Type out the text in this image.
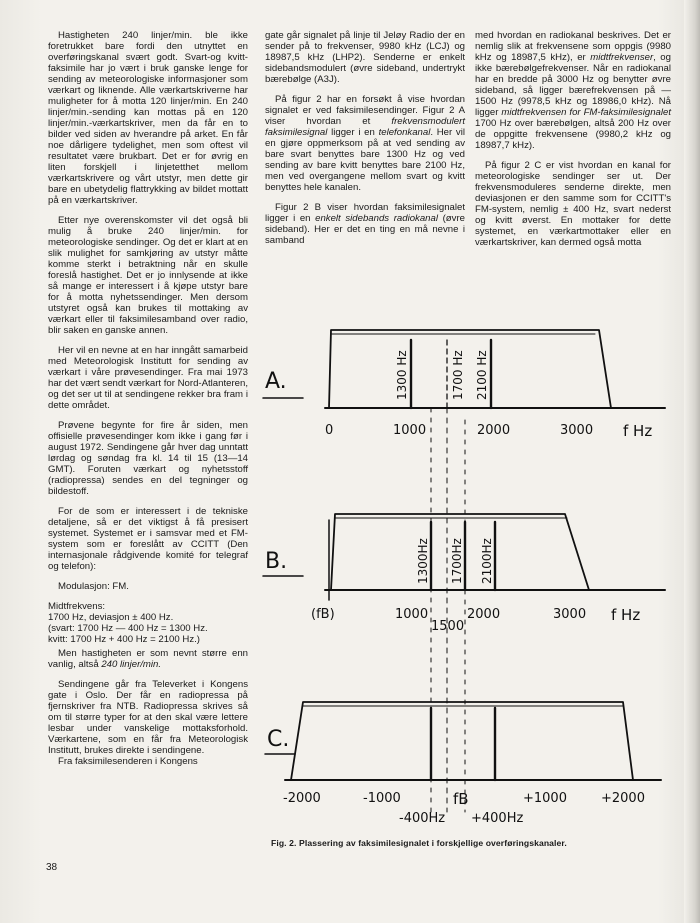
Hastigheten 240 linjer/min. ble ikke foretrukket bare fordi den utnyttet en overføringskanal svært godt. Svart-og kvitt-faksimile har jo vært i bruk ganske lenge for sending av meteorologiske informasjoner som værkart og liknende. Alle værkartskriverne har muligheter for å motta 120 linjer/min. En 240 linjer/min.-sending kan mottas på en 120 linjer/min.-værkartskriver, men da får en to bilder ved siden av hverandre på arket. En får noe dårligere tydelighet, men som oftest vil resultatet være brukbart. Det er for øvrig en liten forskjell i linjetetthet mellom værkartskrivere og vårt utstyr, men dette gir bare en ubetydelig flattrykking av bildet mottatt på en værkartskriver.

Etter nye overenskomster vil det også bli mulig å bruke 240 linjer/min. for meteorologiske sendinger. Og det er klart at en slik mulighet for samkjøring av utstyr måtte komme sterkt i betraktning når en skulle foreslå hastighet. Det er jo innlysende at ikke så mange er interessert i å kjøpe utstyr bare for å motta nyhetssendinger. Men dersom utstyret også kan brukes til mottaking av værkart eller til faksimilesamband over radio, blir saken en ganske annen.

Her vil en nevne at en har inngått samarbeid med Meteorologisk Institutt for sending av værkart i våre prøvesendinger. Fra mai 1973 har det vært sendt værkart for Nord-Atlanteren, og det ser ut til at sendingene rekker bra fram i dette området.

Prøvene begynte for fire år siden, men offisielle prøvesendinger kom ikke i gang før i august 1972. Sendingene går hver dag unntatt lørdag og søndag fra kl. 14 til 15 (13—14 GMT). Foruten værkart og nyhetsstoff (radiopressa) sendes en del tegninger og bildestoff.

For de som er interessert i de tekniske detaljene, så er det viktigst å få presisert systemet. Systemet er i samsvar med et FM-system som er foreslått av CCITT (Den internasjonale rådgivende komité for telegraf og telefon):

Modulasjon: FM.

Midtfrekvens:

1700 Hz, deviasjon ± 400 Hz.
(svart: 1700 Hz — 400 Hz = 1300 Hz.
kvitt: 1700 Hz + 400 Hz = 2100 Hz.)

Men hastigheten er som nevnt større enn vanlig, altså 240 linjer/min.

Sendingene går fra Televerket i Kongens gate i Oslo. Der får en radiopressa på fjernskriver fra NTB. Radiopressa skrives så om til større typer for at den skal være lettere lesbar under vanskelige mottaksforhold. Værkartene, som en får fra Meteorologisk Institutt, brukes direkte i sendingene.

Fra faksimilesenderen i Kongens

gate går signalet på linje til Jeløy Radio der en sender på to frekvenser, 9980 kHz (LCJ) og 18987,5 kHz (LHP2). Senderne er enkelt sidebandsmodulert (øvre sideband, undertrykt bærebølge (A3J).

På figur 2 har en forsøkt å vise hvordan signalet er ved faksimilesendinger. Figur 2 A viser hvordan et frekvensmodulert faksimilesignal ligger i en telefonkanal. Her vil en gjøre oppmerksom på at ved sending av bare svart benyttes bare 1300 Hz og ved sending av bare kvitt benyttes bare 2100 Hz, men ved overgangene mellom svart og kvitt benyttes hele kanalen.

Figur 2 B viser hvordan faksimilesignalet ligger i en enkelt sidebands radiokanal (øvre sideband). Her er det en ting en må nevne i samband

med hvordan en radiokanal beskrives. Det er nemlig slik at frekvensene som oppgis (9980 kHz og 18987,5 kHz), er midtfrekvenser, og ikke bærebølgefrekvenser. Når en radiokanal har en bredde på 3000 Hz og benytter øvre sideband, så ligger bærefrekvensen på —1500 Hz (9978,5 kHz og 18986,0 kHz). Nå ligger midtfrekvensen for FM-faksimilesignalet 1700 Hz over bærebølgen, altså 200 Hz over de oppgitte frekvensene (9980,2 kHz og 18987,7 kHz).

På figur 2 C er vist hvordan en kanal for meteorologiske sendinger ser ut. Der frekvensmoduleres senderne direkte, men deviasjonen er den samme som for CCITT's FM-system, nemlig ± 400 Hz, svart nederst og kvitt øverst. En mottaker for dette systemet, en værkartmottaker eller en værkartskriver, kan dermed også motta

A.	1300 Hz	1700 Hz 2100 Hz
0	1000	2000	3000 f Hz
B.	1300Hz 1700Hz 2100Hz
(fB)	1000
1500
2000	3000 f Hz
C.
-2000	-1000	fB	+1000	+2000
-400Hz +400Hz
Fig. 2. Plassering av faksimilesignalet i forskjellige overføringskanaler.
38
